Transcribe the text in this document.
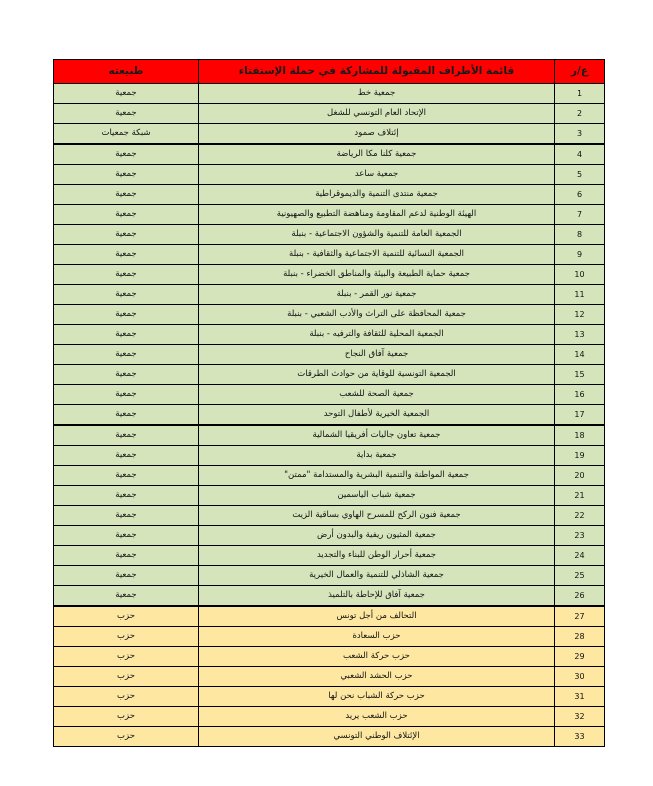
ع/ر	قائمة الأطراف المقبولة للمشاركة في حملة الإستفتاء	طبيعته
1	جمعية خط	جمعية
2	الإتحاد العام التونسي للشغل	جمعية
3	إئتلاف صمود	شبكة جمعيات
4	جمعية كلنا مكا الرياضة	جمعية
5	جمعية ساعد	جمعية
6	جمعية منتدى التنمية والديموقراطية	جمعية
7	الهيئة الوطنية لدعم المقاومة ومناهضة التطبيع والصهيونية	جمعية
8	الجمعية العامة للتنمية والشؤون الاجتماعية - بنبلة	جمعية
9	الجمعية النسائية للتنمية الاجتماعية والثقافية - بنبلة	جمعية
10	جمعية حماية الطبيعة والبيئة والمناطق الخضراء - بنبلة	جمعية
11	جمعية نور القمر - بنبلة	جمعية
12	جمعية المحافظة على التراث والأدب الشعبي - بنبلة	جمعية
13	الجمعية المحلية للثقافة والترفيه - بنبلة	جمعية
14	جمعية آفاق النجاح	جمعية
15	الجمعية التونسية للوقاية من حوادث الطرقات	جمعية
16	جمعية الصحة للشعب	جمعية
17	الجمعية الخيرية لأطفال التوحد	جمعية
18	جمعية تعاون جاليات أفريقيا الشمالية	جمعية
19	جمعية بداية	جمعية
20	جمعية المواطنة والتنمية البشرية والمستدامة "ممتن"	جمعية
21	جمعية شباب الياسمين	جمعية
22	جمعية فنون الركح للمسرح الهاوي بساقية الزيت	جمعية
23	جمعية المثيون ريفية والبدون أرض	جمعية
24	جمعية أحرار الوطن للبناء والتجديد	جمعية
25	جمعية الشاذلي للتنمية والعمال الخيرية	جمعية
26	جمعية آفاق للإحاطة بالتلميذ	جمعية
27	التحالف من أجل تونس	حزب
28	حزب السعادة	حزب
29	حزب حركة الشعب	حزب
30	حزب الحشد الشعبي	حزب
31	حزب حركة الشباب نحن لها	حزب
32	حزب الشعب يريد	حزب
33	الإئتلاف الوطني التونسي	حزب
